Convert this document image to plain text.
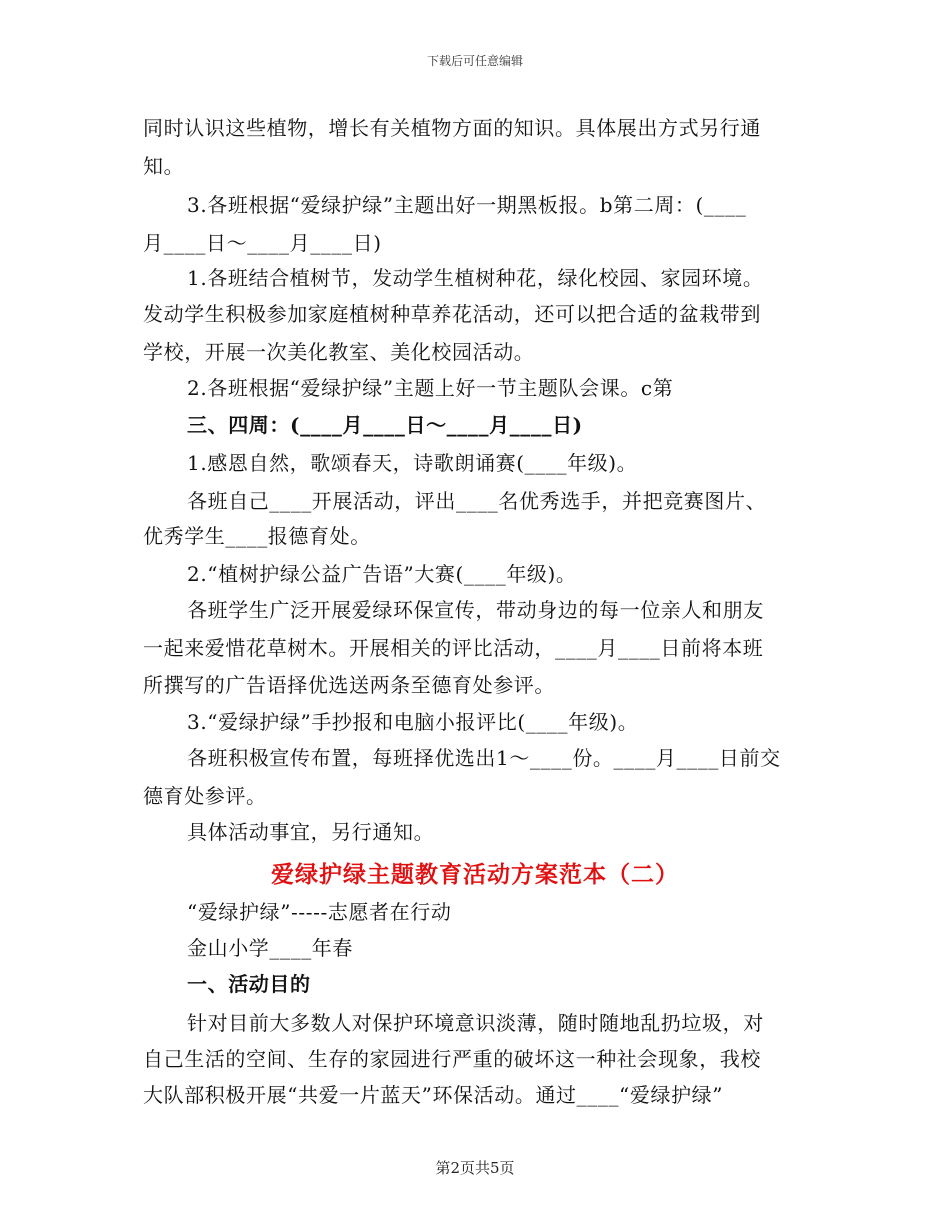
下载后可任意编辑
同时认识这些植物，增长有关植物方面的知识。具体展出方式另行通
知。
3.各班根据“爱绿护绿”主题出好一期黑板报。b第二周：(____
月____日～____月____日)
1.各班结合植树节，发动学生植树种花，绿化校园、家园环境。
发动学生积极参加家庭植树种草养花活动，还可以把合适的盆栽带到
学校，开展一次美化教室、美化校园活动。
2.各班根据“爱绿护绿”主题上好一节主题队会课。c第
三、四周：(____月____日～____月____日)
1.感恩自然，歌颂春天，诗歌朗诵赛(____年级)。
各班自己____开展活动，评出____名优秀选手，并把竞赛图片、
优秀学生____报德育处。
2.“植树护绿公益广告语”大赛(____年级)。
各班学生广泛开展爱绿环保宣传，带动身边的每一位亲人和朋友
一起来爱惜花草树木。开展相关的评比活动，____月____日前将本班
所撰写的广告语择优选送两条至德育处参评。
3.“爱绿护绿”手抄报和电脑小报评比(____年级)。
各班积极宣传布置，每班择优选出1～____份。____月____日前交
德育处参评。
具体活动事宜，另行通知。
爱绿护绿主题教育活动方案范本（二）
“爱绿护绿”-----志愿者在行动
金山小学____年春
一、活动目的
针对目前大多数人对保护环境意识淡薄，随时随地乱扔垃圾，对
自己生活的空间、生存的家园进行严重的破坏这一种社会现象，我校
大队部积极开展“共爱一片蓝天”环保活动。通过____“爱绿护绿”
第2页共5页
